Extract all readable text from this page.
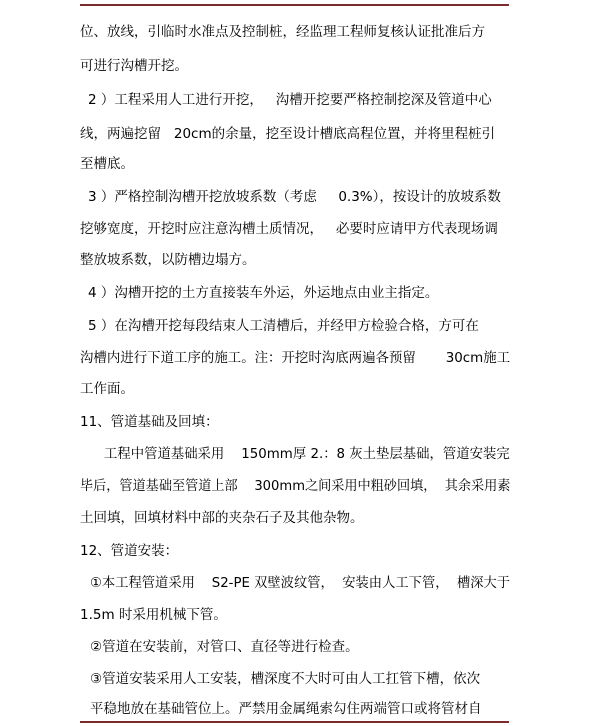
位、放线，引临时水准点及控制桩，经监理工程师复核认证批准后方
可进行沟槽开挖。
2 ）工程采用人工进行开挖，   沟槽开挖要严格控制挖深及管道中心
线，两遍挖留   20cm的余量，挖至设计槽底高程位置，并将里程桩引
至槽底。
3 ）严格控制沟槽开挖放坡系数（考虑     0.3%），按设计的放坡系数
挖够宽度，开挖时应注意沟槽土质情况，   必要时应请甲方代表现场调
整放坡系数，以防槽边塌方。
4 ）沟槽开挖的土方直接装车外运，外运地点由业主指定。
5 ）在沟槽开挖每段结束人工清槽后，并经甲方检验合格，方可在
沟槽内进行下道工序的施工。注：开挖时沟底两遍各预留       30cm施工
工作面。
11、管道基础及回填：
工程中管道基础采用    150mm厚 2.：8 灰土垫层基础，管道安装完
毕后，管道基础至管道上部    300mm之间采用中粗砂回填，  其余采用素
土回填，回填材料中部的夹杂石子及其他杂物。
12、管道安装：
①本工程管道采用    S2-PE 双壁波纹管，  安装由人工下管，  槽深大于
1.5m 时采用机械下管。
②管道在安装前，对管口、直径等进行检查。
③管道安装采用人工安装，槽深度不大时可由人工扛管下槽，依次
平稳地放在基础管位上。严禁用金属绳索勾住两端管口或将管材自
